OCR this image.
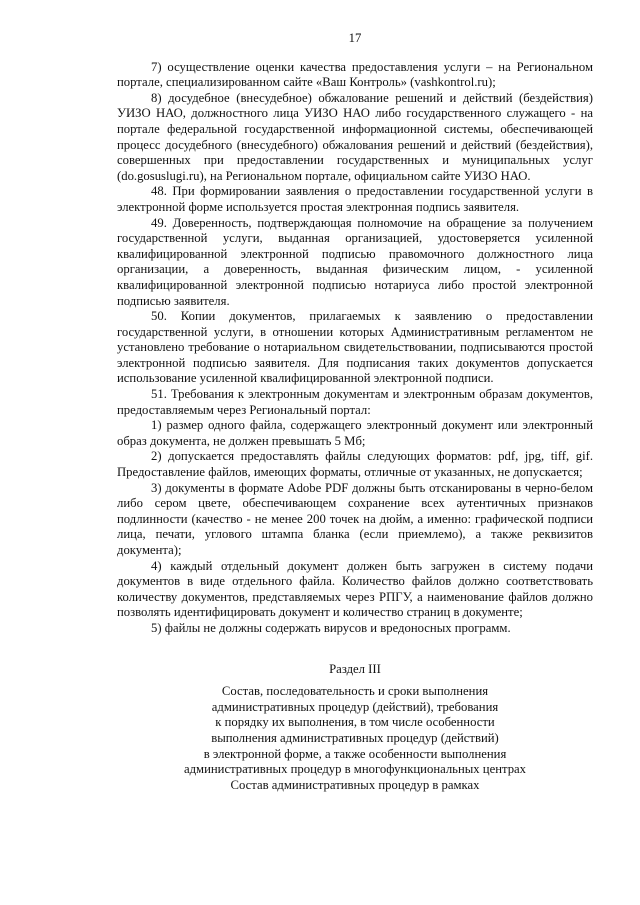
17

7) осуществление оценки качества предоставления услуги – на Региональном портале, специализированном сайте «Ваш Контроль» (vashkontrol.ru);

8) досудебное (внесудебное) обжалование решений и действий (бездействия) УИЗО НАО, должностного лица УИЗО НАО либо государственного служащего - на портале федеральной государственной информационной системы, обеспечивающей процесс досудебного (внесудебного) обжалования решений и действий (бездействия), совершенных при предоставлении государственных и муниципальных услуг (do.gosuslugi.ru), на Региональном портале, официальном сайте УИЗО НАО.

48. При формировании заявления о предоставлении государственной услуги в электронной форме используется простая электронная подпись заявителя.

49. Доверенность, подтверждающая полномочие на обращение за получением государственной услуги, выданная организацией, удостоверяется усиленной квалифицированной электронной подписью правомочного должностного лица организации, а доверенность, выданная физическим лицом, - усиленной квалифицированной электронной подписью нотариуса либо простой электронной подписью заявителя.

50. Копии документов, прилагаемых к заявлению о предоставлении государственной услуги, в отношении которых Административным регламентом не установлено требование о нотариальном свидетельствовании, подписываются простой электронной подписью заявителя. Для подписания таких документов допускается использование усиленной квалифицированной электронной подписи.

51. Требования к электронным документам и электронным образам документов, предоставляемым через Региональный портал:

1) размер одного файла, содержащего электронный документ или электронный образ документа, не должен превышать 5 Мб;

2) допускается предоставлять файлы следующих форматов: pdf, jpg, tiff, gif. Предоставление файлов, имеющих форматы, отличные от указанных, не допускается;

3) документы в формате Adobe PDF должны быть отсканированы в черно-белом либо сером цвете, обеспечивающем сохранение всех аутентичных признаков подлинности (качество - не менее 200 точек на дюйм, а именно: графической подписи лица, печати, углового штампа бланка (если приемлемо), а также реквизитов документа);

4) каждый отдельный документ должен быть загружен в систему подачи документов в виде отдельного файла. Количество файлов должно соответствовать количеству документов, представляемых через РПГУ, а наименование файлов должно позволять идентифицировать документ и количество страниц в документе;

5) файлы не должны содержать вирусов и вредоносных программ.

Раздел III
Состав, последовательность и сроки выполнения
административных процедур (действий), требования
к порядку их выполнения, в том числе особенности
выполнения административных процедур (действий)
в электронной форме, а также особенности выполнения
административных процедур в многофункциональных центрах
Состав административных процедур в рамках
